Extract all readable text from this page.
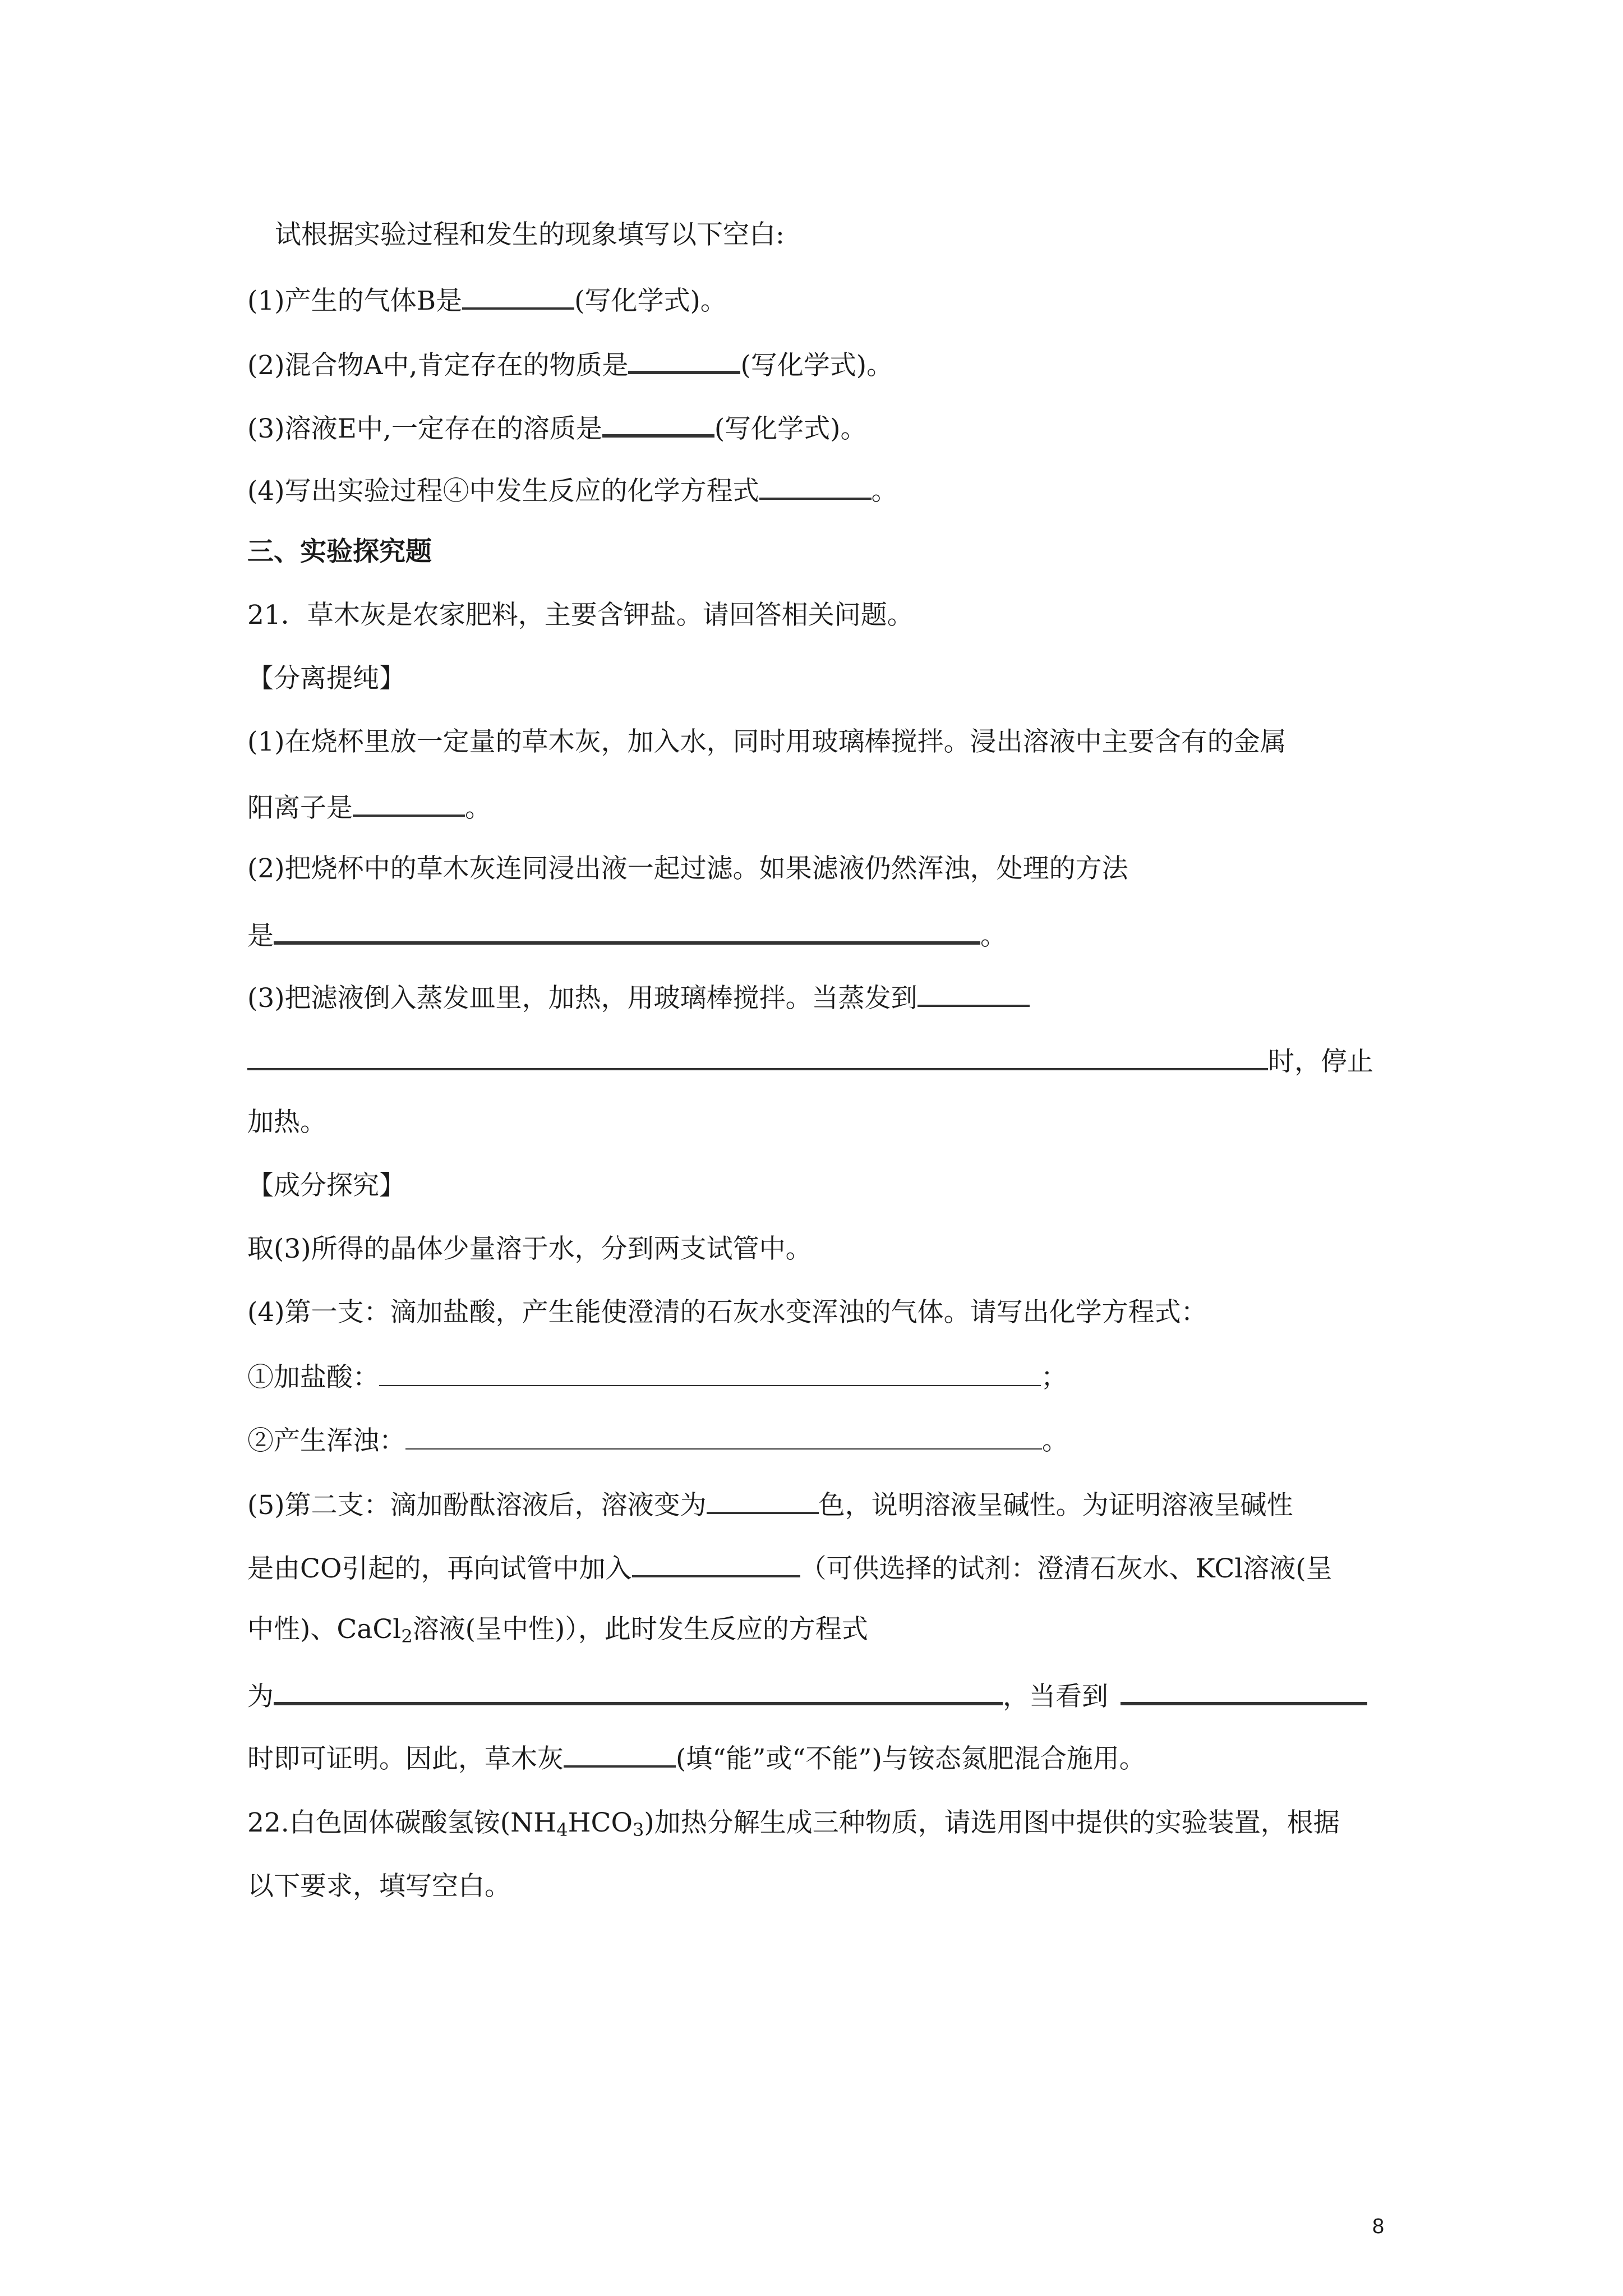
试根据实验过程和发生的现象填写以下空白:
(1)产生的气体B是	(写化学式)。
(2)混合物A中,肯定存在的物质是	(写化学式)。
(3)溶液E中,一定存在的溶质是	(写化学式)。
(4)写出实验过程④中发生反应的化学方程式	。
三、实验探究题
21．草木灰是农家肥料，主要含钾盐。请回答相关问题。
【分离提纯】
(1)在烧杯里放一定量的草木灰，加入水，同时用玻璃棒搅拌。浸出溶液中主要含有的金属
阳离子是	。
(2)把烧杯中的草木灰连同浸出液一起过滤。如果滤液仍然浑浊，处理的方法
是	。
(3)把滤液倒入蒸发皿里，加热，用玻璃棒搅拌。当蒸发到
时，停止
加热。
【成分探究】
取(3)所得的晶体少量溶于水，分到两支试管中。
(4)第一支：滴加盐酸，产生能使澄清的石灰水变浑浊的气体。请写出化学方程式：
①加盐酸：	；
②产生浑浊：	。
(5)第二支：滴加酚酞溶液后，溶液变为	色，说明溶液呈碱性。为证明溶液呈碱性
是由CO引起的，再向试管中加入	（可供选择的试剂：澄清石灰水、KCl溶液(呈
中性)、CaCl$_2$溶液(呈中性)），此时发生反应的方程式
为	，当看到
时即可证明。因此，草木灰	(填“能”或“不能”)与铵态氮肥混合施用。
22.白色固体碳酸氢铵$(NH_4HCO_3)$加热分解生成三种物质，请选用图中提供的实验装置，根据
以下要求，填写空白。
8
